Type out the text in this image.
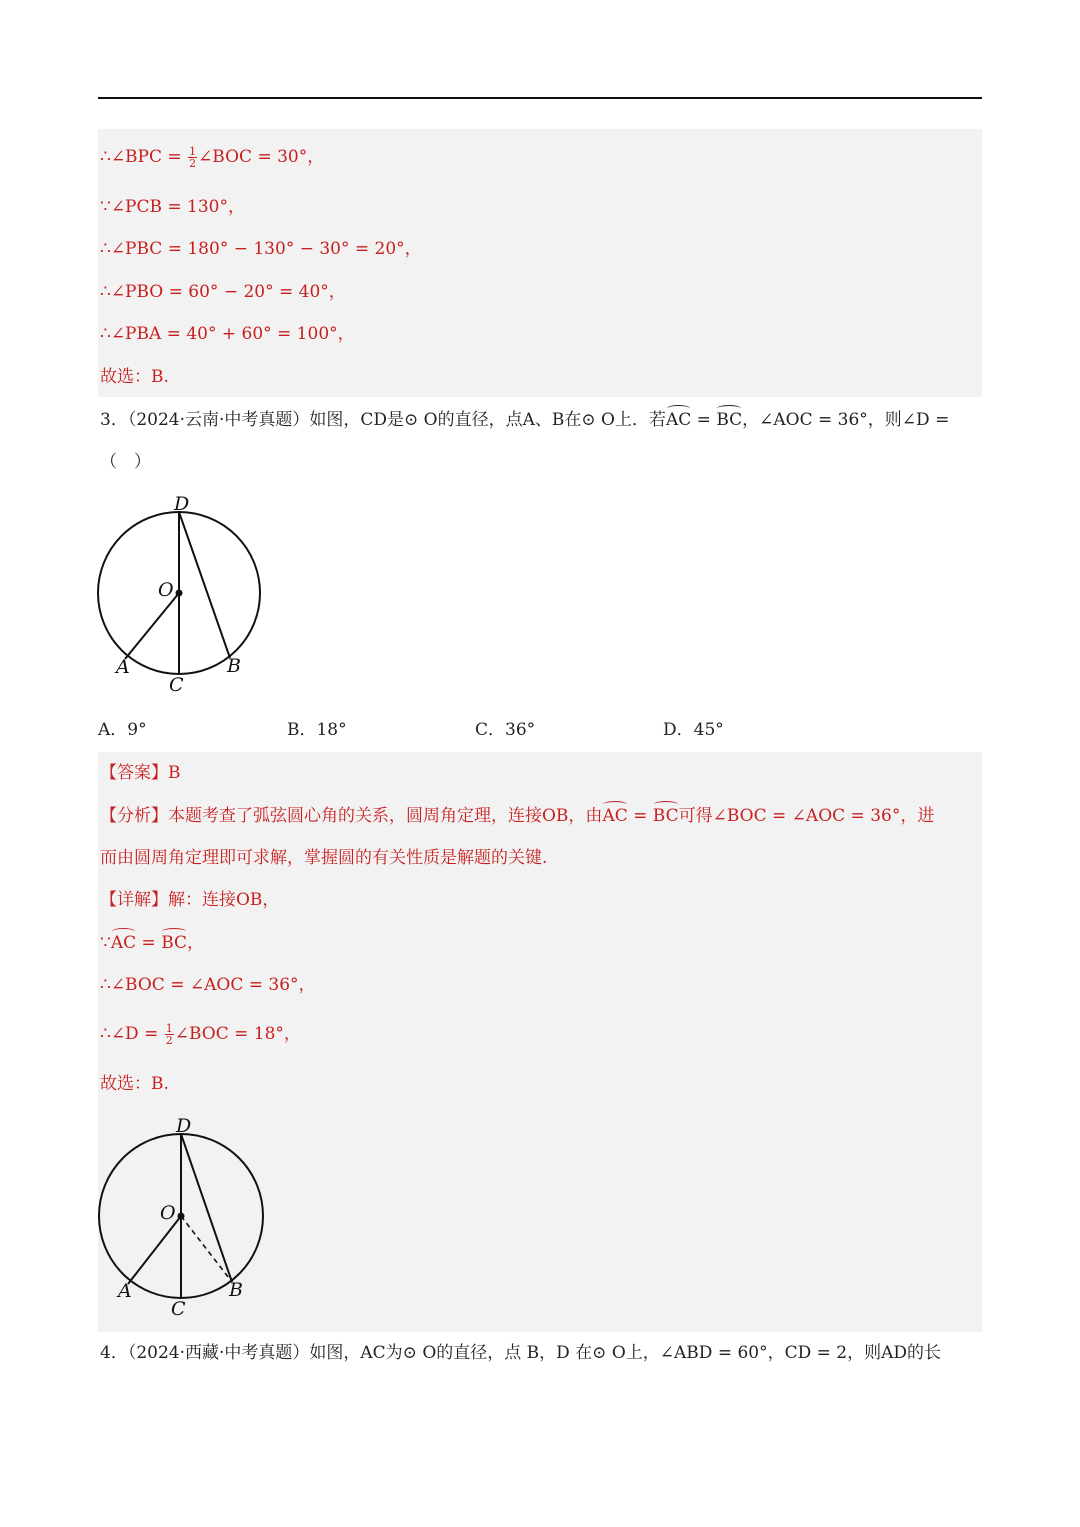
∴∠BPC = $\frac{1}{2}$ ∠BOC = 30°，
∵∠PCB = 130°，
∴∠PBC = 180° − 130° − 30° = 20°，
∴∠PBO = 60° − 20° = 40°，
∴∠PBA = 40° + 60° = 100°，
故选：B.
3．（2024·云南·中考真题）如图，CD是⊙ O的直径，点A、B在⊙ O上．若AC = BC，∠AOC = 36°，则∠D =
（　）
D
O
A	B
C
A．9°	B．18°	C．36°	D．45°
【答案】B
【分析】本题考查了弧弦圆心角的关系，圆周角定理，连接OB，由AC = BC可得∠BOC = ∠AOC = 36°，进
而由圆周角定理即可求解，掌握圆的有关性质是解题的关键.
【详解】解：连接OB，
∵AC = BC，
∴∠BOC = ∠AOC = 36°，
∴∠D = $\frac{1}{2}$ ∠BOC = 18°，
故选：B.
D
O
A	B
C
4．（2024·西藏·中考真题）如图，AC为⊙ O的直径，点 B，D 在⊙ O上，∠ABD = 60°，CD = 2，则AD的长
